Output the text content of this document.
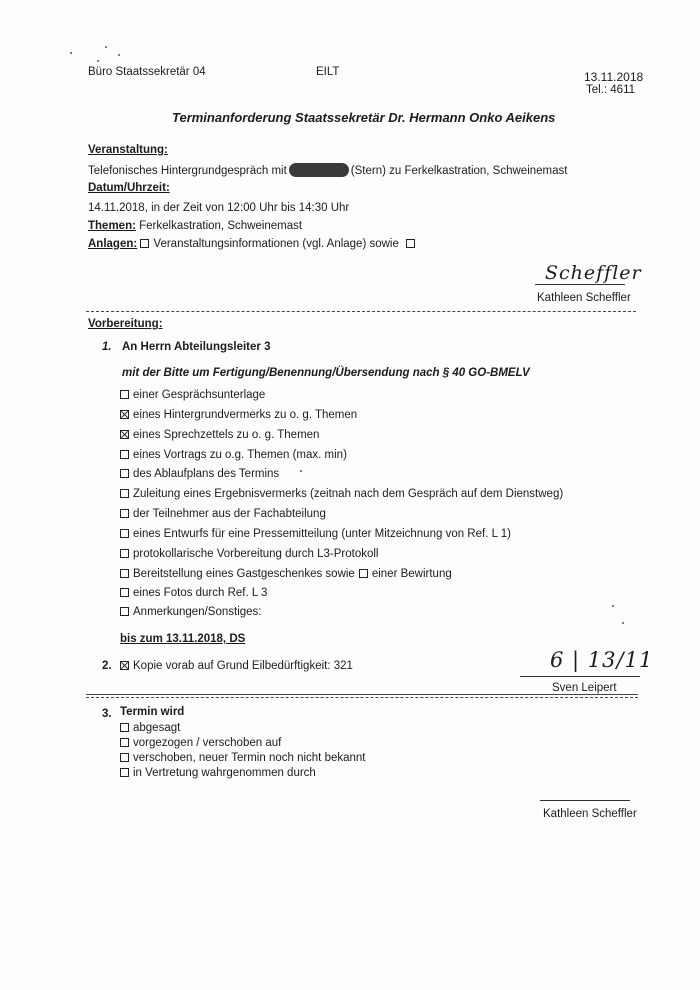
Büro Staatssekretär 04	EILT	13.11.2018
Tel.: 4611
Terminanforderung Staatssekretär Dr. Hermann Onko Aeikens
Veranstaltung:
Telefonisches Hintergrundgespräch mit	(Stern) zu Ferkelkastration, Schweinemast
Datum/Uhrzeit:
14.11.2018, in der Zeit von 12:00 Uhr bis 14:30 Uhr
Themen: Ferkelkastration, Schweinemast
Anlagen: Veranstaltungsinformationen (vgl. Anlage) sowie
Scheffler
Kathleen Scheffler
Vorbereitung:
1. An Herrn Abteilungsleiter 3
mit der Bitte um Fertigung/Benennung/Übersendung nach § 40 GO-BMELV
einer Gesprächsunterlage
eines Hintergrundvermerks zu o. g. Themen
eines Sprechzettels zu o. g. Themen
eines Vortrags zu o.g. Themen (max. min)
des Ablaufplans des Termins
Zuleitung eines Ergebnisvermerks (zeitnah nach dem Gespräch auf dem Dienstweg)
der Teilnehmer aus der Fachabteilung
eines Entwurfs für eine Pressemitteilung (unter Mitzeichnung von Ref. L 1)
protokollarische Vorbereitung durch L3-Protokoll
Bereitstellung eines Gastgeschenkes sowie einer Bewirtung
eines Fotos durch Ref. L 3
Anmerkungen/Sonstiges:
bis zum 13.11.2018, DS
2.	Kopie vorab auf Grund Eilbedürftigkeit: 321	6 | 13/11
Sven Leipert
3. Termin wird
abgesagt
vorgezogen / verschoben auf
verschoben, neuer Termin noch nicht bekannt
in Vertretung wahrgenommen durch
Kathleen Scheffler
